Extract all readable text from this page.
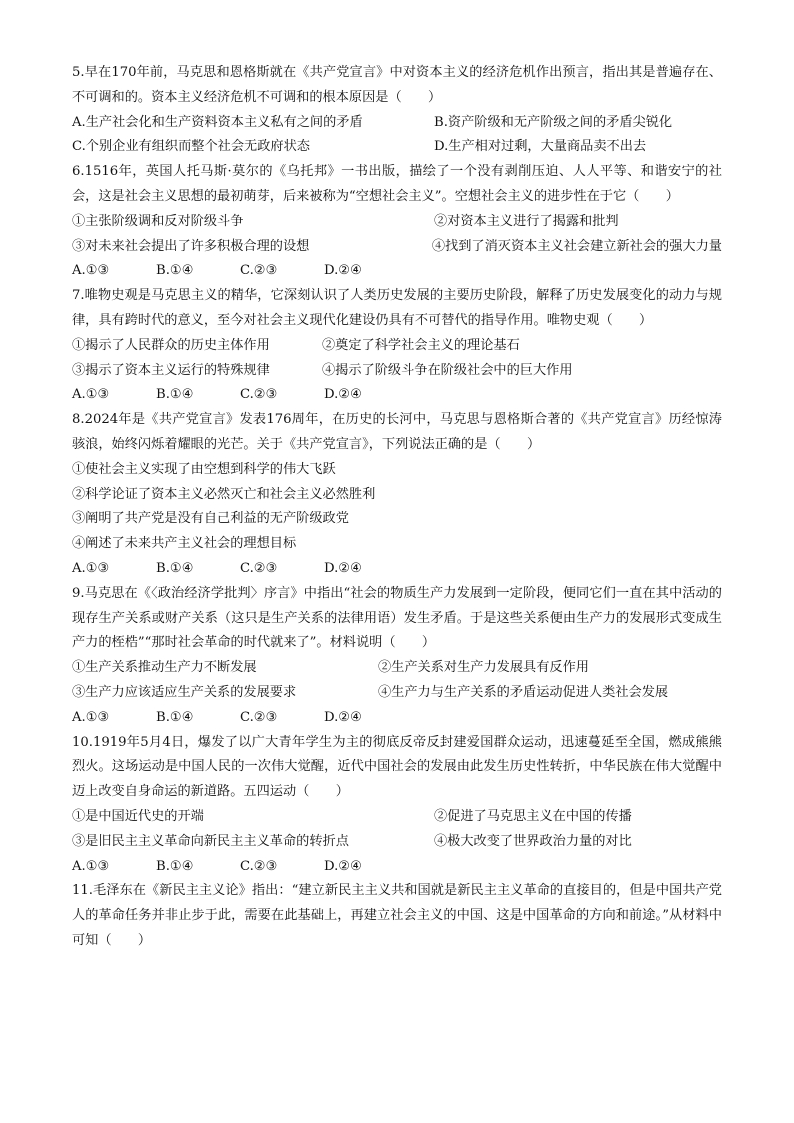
5.早在170年前，马克思和恩格斯就在《共产党宣言》中对资本主义的经济危机作出预言，指出其是普遍存在、不可调和的。资本主义经济危机不可调和的根本原因是（　　）

A.生产社会化和生产资料资本主义私有之间的矛盾	B.资产阶级和无产阶级之间的矛盾尖锐化
C.个别企业有组织而整个社会无政府状态	D.生产相对过剩，大量商品卖不出去

6.1516年，英国人托马斯·莫尔的《乌托邦》一书出版，描绘了一个没有剥削压迫、人人平等、和谐安宁的社会，这是社会主义思想的最初萌芽，后来被称为“空想社会主义”。空想社会主义的进步性在于它（　　）

①主张阶级调和反对阶级斗争	②对资本主义进行了揭露和批判
③对未来社会提出了许多积极合理的设想	④找到了消灭资本主义社会建立新社会的强大力量
A.①③	B.①④	C.②③	D.②④

7.唯物史观是马克思主义的精华，它深刻认识了人类历史发展的主要历史阶段，解释了历史发展变化的动力与规律，具有跨时代的意义，至今对社会主义现代化建设仍具有不可替代的指导作用。唯物史观（　　）

①揭示了人民群众的历史主体作用	②奠定了科学社会主义的理论基石
③揭示了资本主义运行的特殊规律	④揭示了阶级斗争在阶级社会中的巨大作用
A.①③	B.①④	C.②③	D.②④

8.2024年是《共产党宣言》发表176周年，在历史的长河中，马克思与恩格斯合著的《共产党宣言》历经惊涛骇浪，始终闪烁着耀眼的光芒。关于《共产党宣言》，下列说法正确的是（　　）

①使社会主义实现了由空想到科学的伟大飞跃
②科学论证了资本主义必然灭亡和社会主义必然胜利
③阐明了共产党是没有自己利益的无产阶级政党
④阐述了未来共产主义社会的理想目标
A.①③	B.①④	C.②③	D.②④

9.马克思在《〈政治经济学批判〉序言》中指出“社会的物质生产力发展到一定阶段，便同它们一直在其中活动的现存生产关系或财产关系（这只是生产关系的法律用语）发生矛盾。于是这些关系便由生产力的发展形式变成生产力的桎梏”“那时社会革命的时代就来了”。材料说明（　　）

①生产关系推动生产力不断发展	②生产关系对生产力发展具有反作用
③生产力应该适应生产关系的发展要求	④生产力与生产关系的矛盾运动促进人类社会发展
A.①③	B.①④	C.②③	D.②④

10.1919年5月4日，爆发了以广大青年学生为主的彻底反帝反封建爱国群众运动，迅速蔓延至全国，燃成熊熊烈火。这场运动是中国人民的一次伟大觉醒，近代中国社会的发展由此发生历史性转折，中华民族在伟大觉醒中迈上改变自身命运的新道路。五四运动（　　）

①是中国近代史的开端	②促进了马克思主义在中国的传播
③是旧民主主义革命向新民主主义革命的转折点	④极大改变了世界政治力量的对比
A.①③	B.①④	C.②③	D.②④

11.毛泽东在《新民主主义论》指出：“建立新民主主义共和国就是新民主主义革命的直接目的，但是中国共产党人的革命任务并非止步于此，需要在此基础上，再建立社会主义的中国、这是中国革命的方向和前途。”从材料中可知（　　）
